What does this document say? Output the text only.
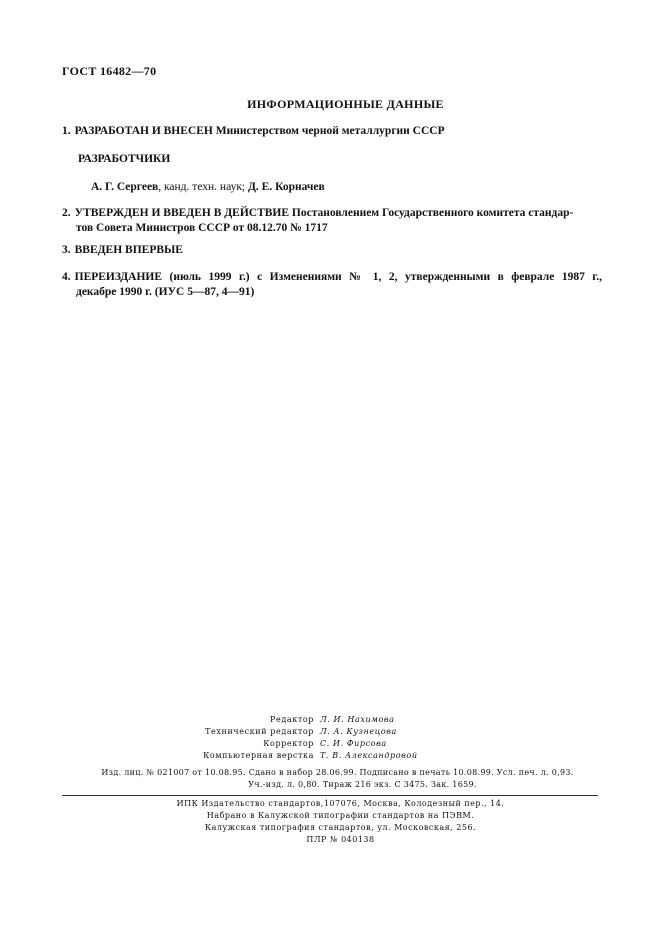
ГОСТ 16482—70
ИНФОРМАЦИОННЫЕ ДАННЫЕ
1. РАЗРАБОТАН И ВНЕСЕН Министерством черной металлургии СССР
РАЗРАБОТЧИКИ
А. Г. Сергеев, канд. техн. наук; Д. Е. Корначев
2. УТВЕРЖДЕН И ВВЕДЕН В ДЕЙСТВИЕ Постановлением Государственного комитета стандар-
тов Совета Министров СССР от 08.12.70 № 1717
3. ВВЕДЕН ВПЕРВЫЕ
4. ПЕРЕИЗДАНИЕ (июль 1999 г.) с Изменениями № 1, 2, утвержденными в феврале 1987 г.,
декабре 1990 г. (ИУС 5—87, 4—91)
Редактор Л. И. Нахимова
Технический редактор Л. А. Кузнецова
Корректор С. И. Фирсова
Компьютерная верстка Т. В. Александровой
Изд. лиц. № 021007 от 10.08.95. Сдано в набор 28.06.99. Подписано в печать 10.08.99. Усл. печ. л. 0,93.
Уч.-изд. л. 0,80. Тираж 216 экз. С 3475. Зак. 1659.
ИПК Издательство стандартов,107076, Москва, Колодезный пер., 14.
Набрано в Калужской типографии стандартов на ПЭВМ.
Калужская типография стандартов, ул. Московская, 256.
ПЛР № 040138
